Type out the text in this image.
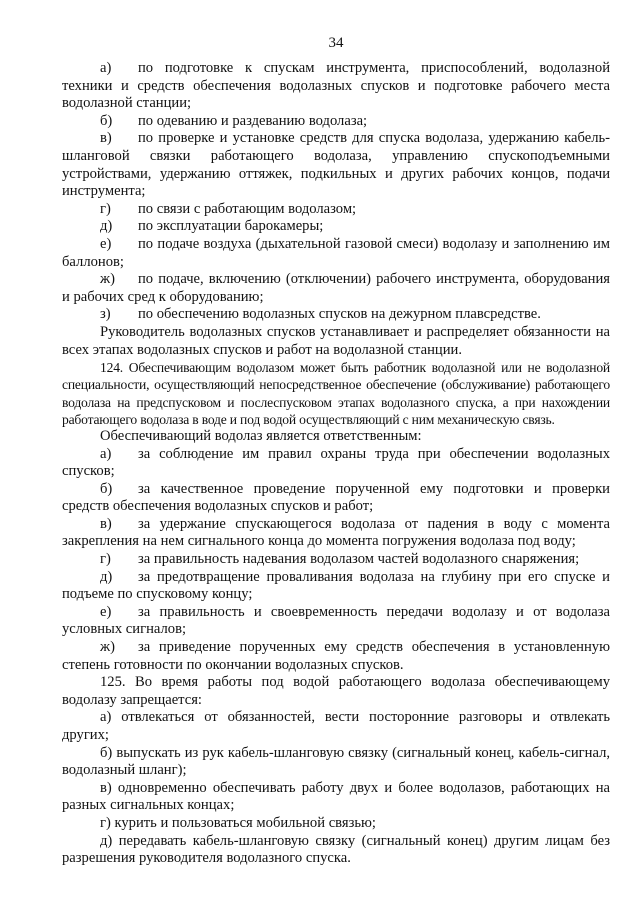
34

а) по подготовке к спускам инструмента, приспособлений, водолазной техники и средств обеспечения водолазных спусков и подготовке рабочего места водолазной станции;

б) по одеванию и раздеванию водолаза;

в) по проверке и установке средств для спуска водолаза, удержанию кабель-шланговой связки работающего водолаза, управлению спускоподъемными устройствами, удержанию оттяжек, подкильных и других рабочих концов, подачи инструмента;

г) по связи с работающим водолазом;

д) по эксплуатации барокамеры;

е) по подаче воздуха (дыхательной газовой смеси) водолазу и заполнению им баллонов;

ж) по подаче, включению (отключении) рабочего инструмента, оборудования и рабочих сред к оборудованию;

з) по обеспечению водолазных спусков на дежурном плавсредстве.

Руководитель водолазных спусков устанавливает и распределяет обязанности на всех этапах водолазных спусков и работ на водолазной станции.

124. Обеспечивающим водолазом может быть работник водолазной или не водолазной специальности, осуществляющий непосредственное обеспечение (обслуживание) работающего водолаза на предспусковом и послеспусковом этапах водолазного спуска, а при нахождении работающего водолаза в воде и под водой осуществляющий с ним механическую связь.

Обеспечивающий водолаз является ответственным:

а) за соблюдение им правил охраны труда при обеспечении водолазных спусков;

б) за качественное проведение порученной ему подготовки и проверки средств обеспечения водолазных спусков и работ;

в) за удержание спускающегося водолаза от падения в воду с момента закрепления на нем сигнального конца до момента погружения водолаза под воду;

г) за правильность надевания водолазом частей водолазного снаряжения;

д) за предотвращение проваливания водолаза на глубину при его спуске и подъеме по спусковому концу;

е) за правильность и своевременность передачи водолазу и от водолаза условных сигналов;

ж) за приведение порученных ему средств обеспечения в установленную степень готовности по окончании водолазных спусков.

125. Во время работы под водой работающего водолаза обеспечивающему водолазу запрещается:

а) отвлекаться от обязанностей, вести посторонние разговоры и отвлекать других;

б) выпускать из рук кабель-шланговую связку (сигнальный конец, кабель-сигнал, водолазный шланг);

в) одновременно обеспечивать работу двух и более водолазов, работающих на разных сигнальных концах;

г) курить и пользоваться мобильной связью;

д) передавать кабель-шланговую связку (сигнальный конец) другим лицам без разрешения руководителя водолазного спуска.
